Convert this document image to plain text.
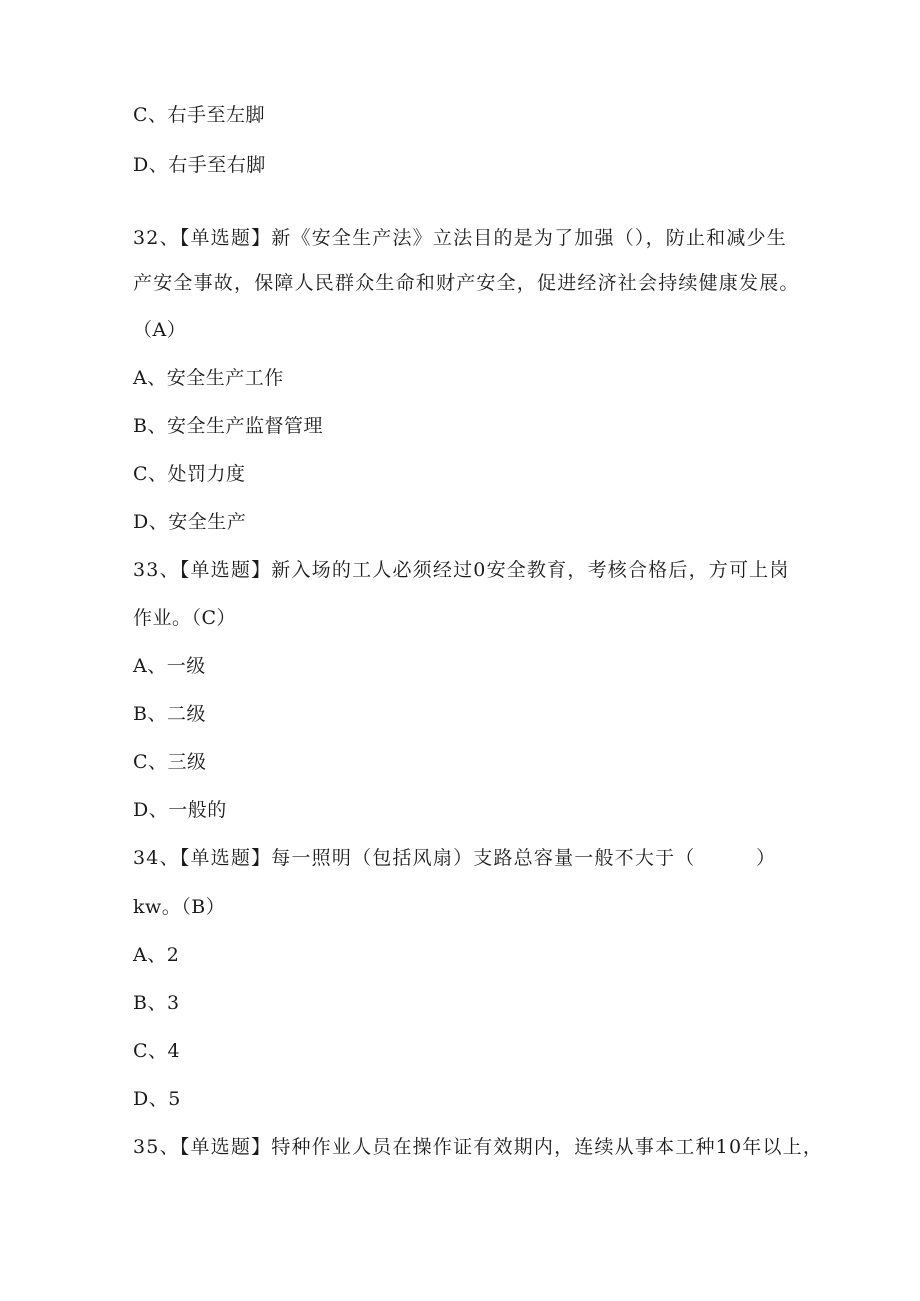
C、右手至左脚
D、右手至右脚
32、【单选题】新《安全生产法》立法目的是为了加强（），防止和减少生
产安全事故，保障人民群众生命和财产安全，促进经济社会持续健康发展。
（A）
A、安全生产工作
B、安全生产监督管理
C、处罚力度
D、安全生产
33、【单选题】新入场的工人必须经过0安全教育，考核合格后，方可上岗
作业。（C）
A、一级
B、二级
C、三级
D、一般的
34、【单选题】每一照明（包括风扇）支路总容量一般不大于（　　　）
kw。（B）
A、2
B、3
C、4
D、5
35、【单选题】特种作业人员在操作证有效期内，连续从事本工种10年以上，
